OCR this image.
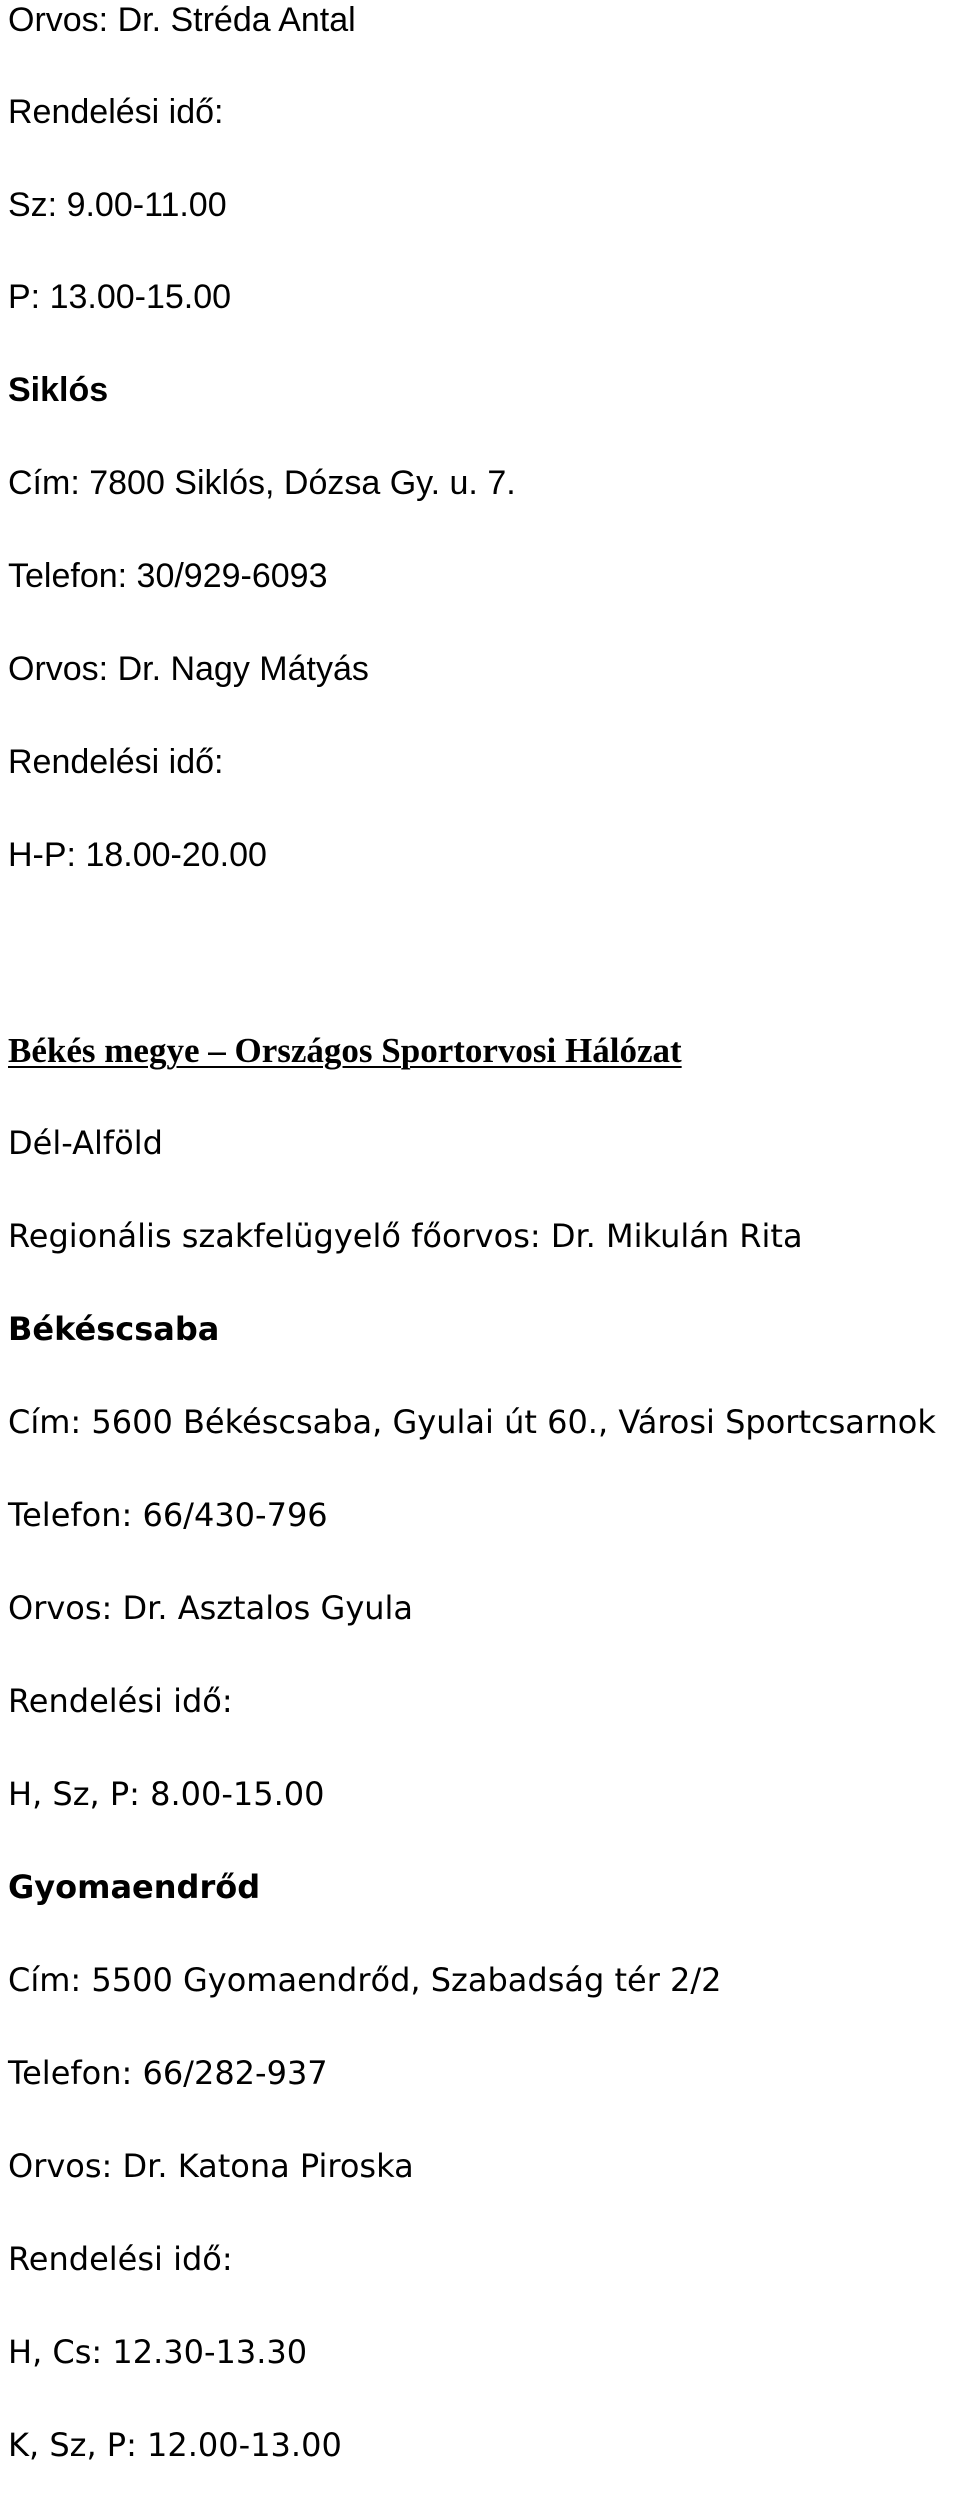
Orvos: Dr. Stréda Antal
Rendelési idő:
Sz: 9.00-11.00
P: 13.00-15.00
Siklós
Cím: 7800 Siklós, Dózsa Gy. u. 7.
Telefon: 30/929-6093
Orvos: Dr. Nagy Mátyás
Rendelési idő:
H-P: 18.00-20.00
Békés megye – Országos Sportorvosi Hálózat
Dél-Alföld
Regionális szakfelügyelő főorvos: Dr. Mikulán Rita
Békéscsaba
Cím: 5600 Békéscsaba, Gyulai út 60., Városi Sportcsarnok
Telefon: 66/430-796
Orvos: Dr. Asztalos Gyula
Rendelési idő:
H, Sz, P: 8.00-15.00
Gyomaendrőd
Cím: 5500 Gyomaendrőd, Szabadság tér 2/2
Telefon: 66/282-937
Orvos: Dr. Katona Piroska
Rendelési idő:
H, Cs: 12.30-13.30
K, Sz, P: 12.00-13.00
